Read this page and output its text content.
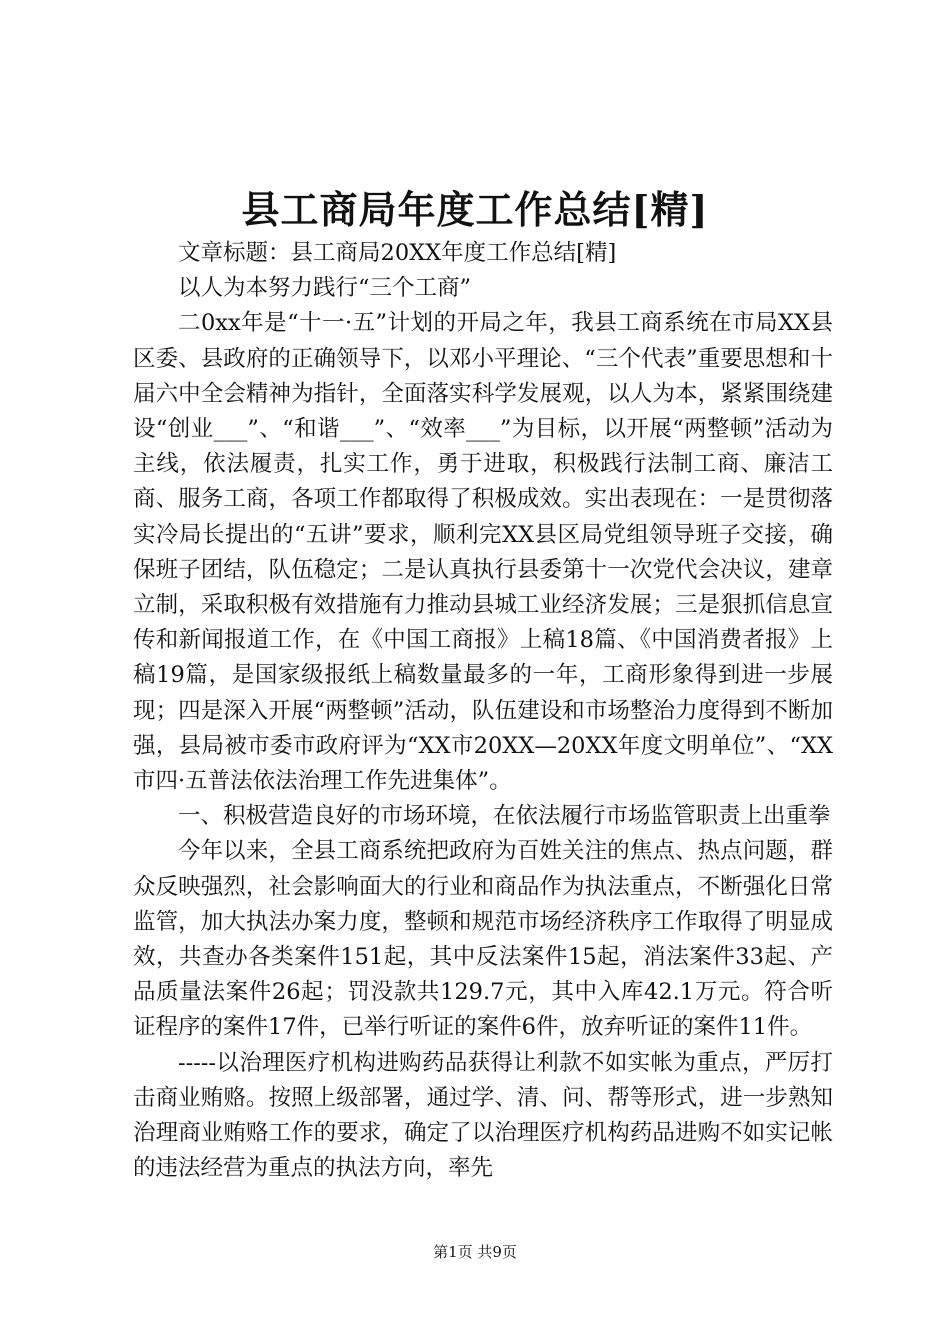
县工商局年度工作总结[精]

文章标题：县工商局20XX年度工作总结[精]

以人为本努力践行“三个工商”

二0xx年是“十一·五”计划的开局之年，我县工商系统在市局XX县区委、县政府的正确领导下，以邓小平理论、“三个代表”重要思想和十届六中全会精神为指针，全面落实科学发展观，以人为本，紧紧围绕建设“创业___”、“和谐___”、“效率___”为目标，以开展“两整顿”活动为主线，依法履责，扎实工作，勇于进取，积极践行法制工商、廉洁工商、服务工商，各项工作都取得了积极成效。实出表现在：一是贯彻落实冷局长提出的“五讲”要求，顺利完XX县区局党组领导班子交接，确保班子团结，队伍稳定；二是认真执行县委第十一次党代会决议，建章立制，采取积极有效措施有力推动县城工业经济发展；三是狠抓信息宣传和新闻报道工作，在《中国工商报》上稿18篇、《中国消费者报》上稿19篇，是国家级报纸上稿数量最多的一年，工商形象得到进一步展现；四是深入开展“两整顿”活动，队伍建设和市场整治力度得到不断加强，县局被市委市政府评为“XX市20XX—20XX年度文明单位”、“XX市四·五普法依法治理工作先进集体”。

一、积极营造良好的市场环境，在依法履行市场监管职责上出重拳

今年以来，全县工商系统把政府为百姓关注的焦点、热点问题，群众反映强烈，社会影响面大的行业和商品作为执法重点，不断强化日常监管，加大执法办案力度，整顿和规范市场经济秩序工作取得了明显成效，共查办各类案件151起，其中反法案件15起，消法案件33起、产品质量法案件26起；罚没款共129.7元，其中入库42.1万元。符合听证程序的案件17件，已举行听证的案件6件，放弃听证的案件11件。

-----以治理医疗机构进购药品获得让利款不如实帐为重点，严厉打击商业贿赂。按照上级部署，通过学、清、问、帮等形式，进一步熟知治理商业贿赂工作的要求，确定了以治理医疗机构药品进购不如实记帐的违法经营为重点的执法方向，率先

第1页 共9页
